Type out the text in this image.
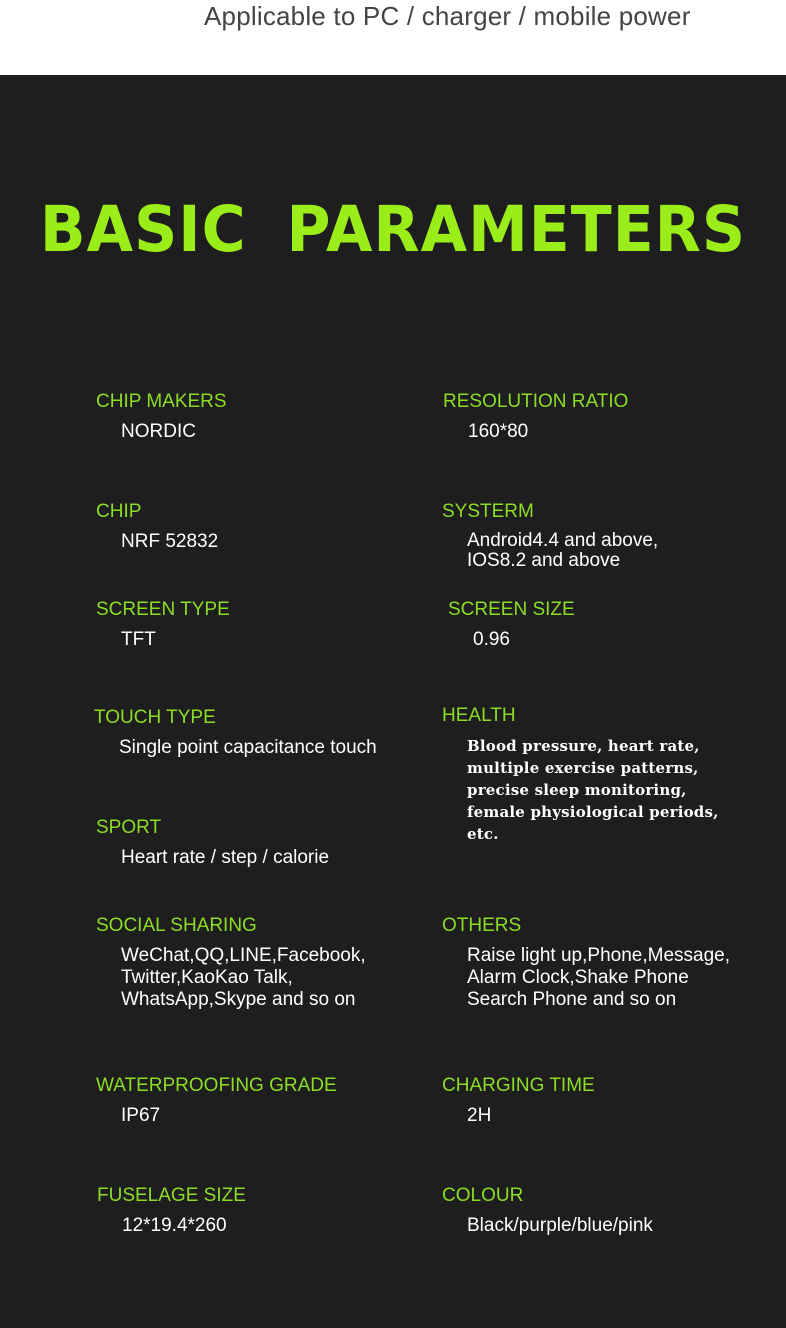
Applicable to PC / charger / mobile power
BASIC PARAMETERS
CHIP MAKERS
NORDIC
RESOLUTION RATIO
160*80
CHIP
NRF 52832
SYSTERM
Android4.4 and above,
IOS8.2 and above
SCREEN TYPE
TFT
SCREEN SIZE
0.96
TOUCH TYPE
Single point capacitance touch
HEALTH
Blood pressure, heart rate,
multiple exercise patterns,
precise sleep monitoring,
female physiological periods,
etc.
SPORT
Heart rate / step / calorie
SOCIAL SHARING
WeChat,QQ,LINE,Facebook,
Twitter,KaoKao Talk,
WhatsApp,Skype and so on
OTHERS
Raise light up,Phone,Message,
Alarm Clock,Shake Phone
Search Phone and so on
WATERPROOFING GRADE
IP67
CHARGING TIME
2H
FUSELAGE SIZE
12*19.4*260
COLOUR
Black/purple/blue/pink
